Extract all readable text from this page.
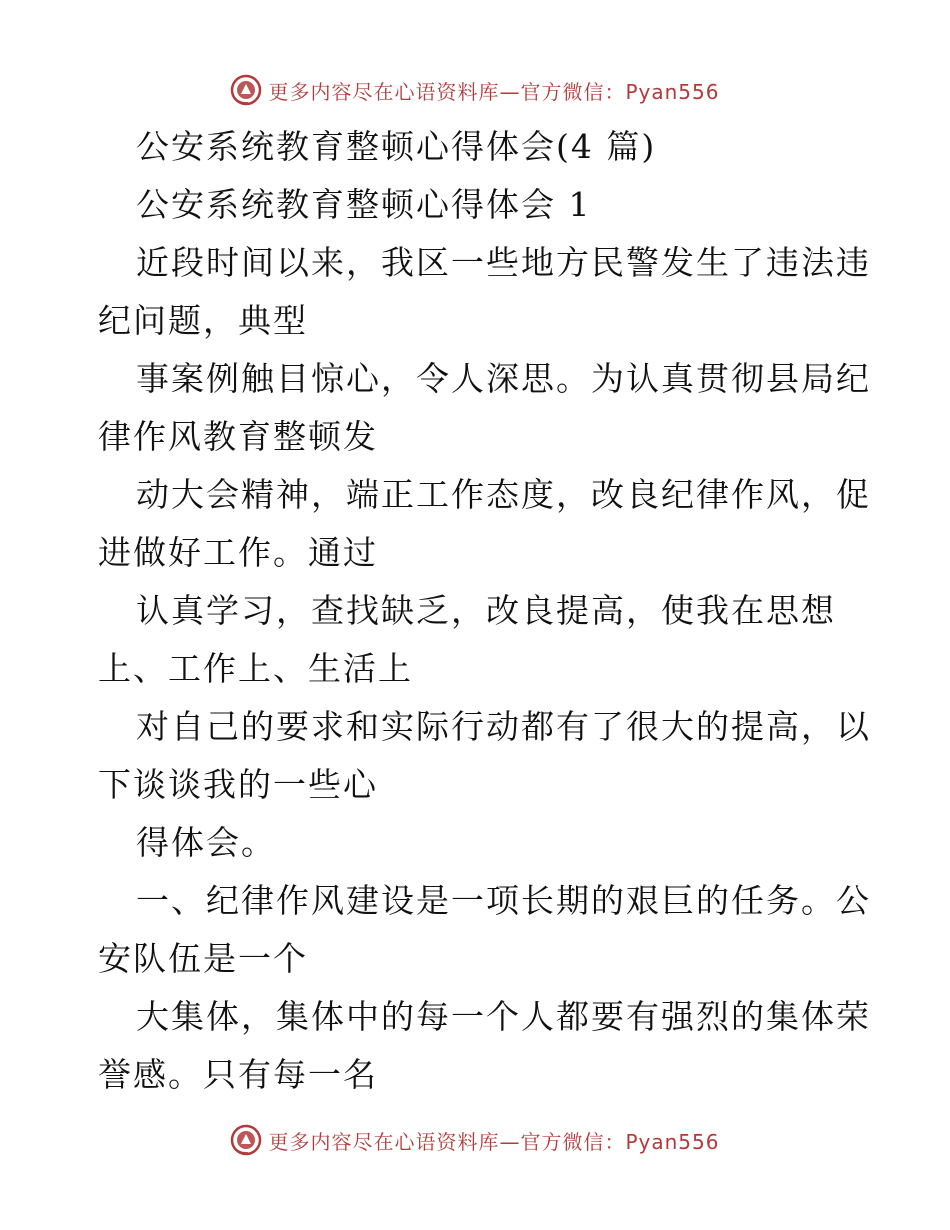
更多内容尽在心语资料库—官方微信：Pyan556
公安系统教育整顿心得体会(4 篇)
公安系统教育整顿心得体会 1
近段时间以来，我区一些地方民警发生了违法违
纪问题，典型
事案例触目惊心，令人深思。为认真贯彻县局纪
律作风教育整顿发
动大会精神，端正工作态度，改良纪律作风，促
进做好工作。通过
认真学习，查找缺乏，改良提高，使我在思想
上、工作上、生活上
对自己的要求和实际行动都有了很大的提高，以
下谈谈我的一些心
得体会。
一、纪律作风建设是一项长期的艰巨的任务。公
安队伍是一个
大集体，集体中的每一个人都要有强烈的集体荣
誉感。只有每一名
更多内容尽在心语资料库—官方微信：Pyan556
